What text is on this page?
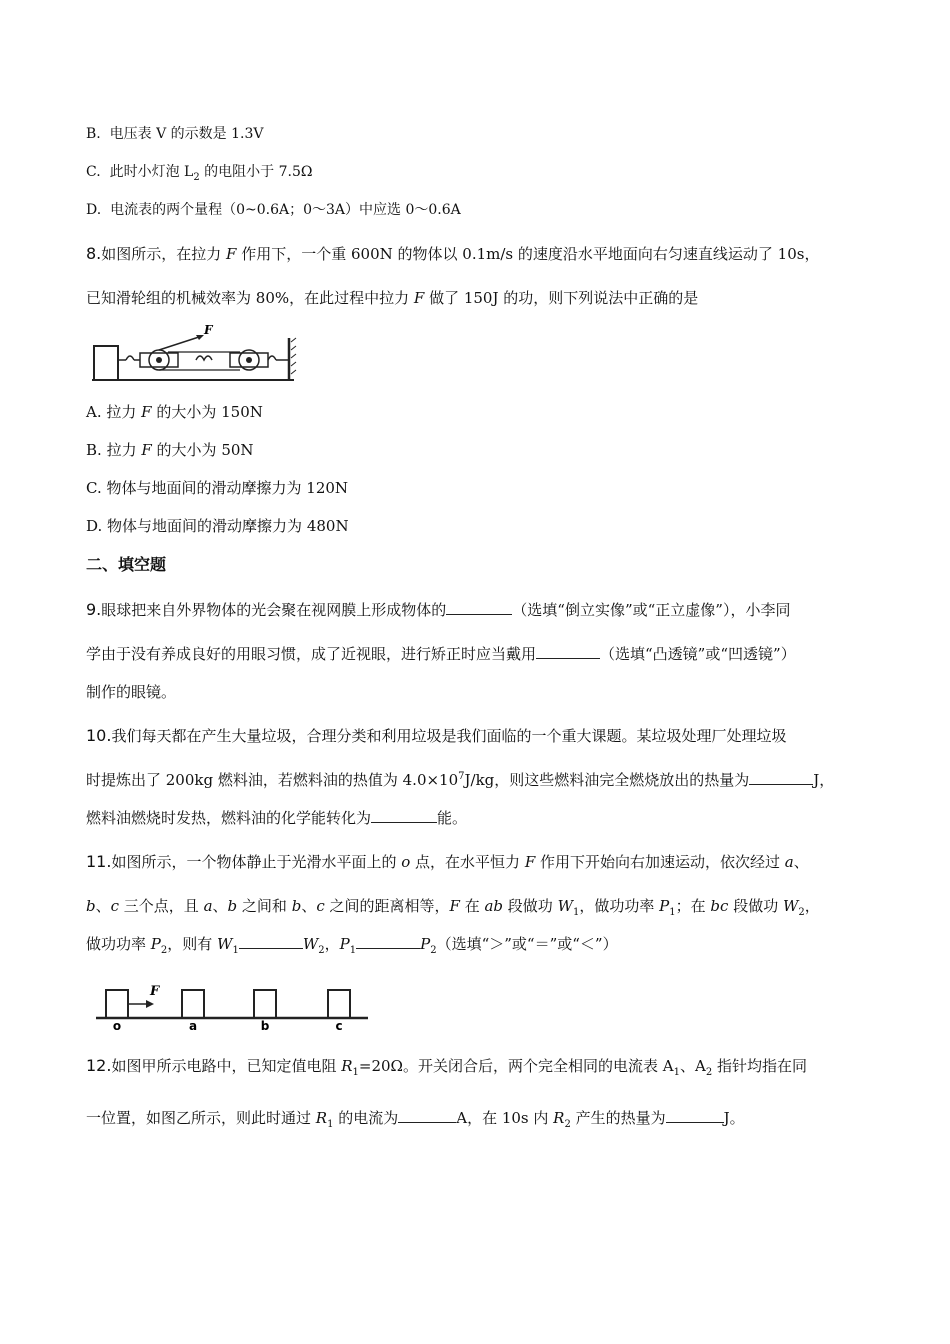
B. 电压表 V 的示数是 1.3V
C. 此时小灯泡 $L_2$ 的电阻小于 7.5Ω
D. 电流表的两个量程（0~0.6A；0～3A）中应选 0～0.6A
8.如图所示，在拉力 F 作用下，一个重 600N 的物体以 0.1m/s 的速度沿水平地面向右匀速直线运动了 10s，
已知滑轮组的机械效率为 80%，在此过程中拉力 F 做了 150J 的功，则下列说法中正确的是
F
A. 拉力 F 的大小为 150N
B. 拉力 F 的大小为 50N
C. 物体与地面间的滑动摩擦力为 120N
D. 物体与地面间的滑动摩擦力为 480N
二、填空题
9.眼球把来自外界物体的光会聚在视网膜上形成物体的	（选填“倒立实像”或“正立虚像”），小李同
学由于没有养成良好的用眼习惯，成了近视眼，进行矫正时应当戴用	（选填“凸透镜”或“凹透镜”）
制作的眼镜。
10.我们每天都在产生大量垃圾，合理分类和利用垃圾是我们面临的一个重大课题。某垃圾处理厂处理垃圾
时提炼出了 200kg 燃料油，若燃料油的热值为 $4.0\times 10^7J/kg$，则这些燃料油完全燃烧放出的热量为	J，
燃料油燃烧时发热，燃料油的化学能转化为	能。
11.如图所示，一个物体静止于光滑水平面上的 o 点，在水平恒力 F 作用下开始向右加速运动，依次经过 a、
b、c 三个点，且 a、b 之间和 b、c 之间的距离相等，F 在 ab 段做功 $W_1$，做功功率 $P_1$；在 bc 段做功 $W_2$，
做功功率 $P_2$，则有 $W_1$	$W_2$，$P_1$	$P_2$（选填“＞”或“＝”或“＜”）
F
o	a	b	c
12.如图甲所示电路中，已知定值电阻 $R_1=20\Omega$。开关闭合后，两个完全相同的电流表 $A_1$、$A_2$ 指针均指在同
一位置，如图乙所示，则此时通过 $R_1$ 的电流为	A，在 10s 内 $R_2$ 产生的热量为	J。
